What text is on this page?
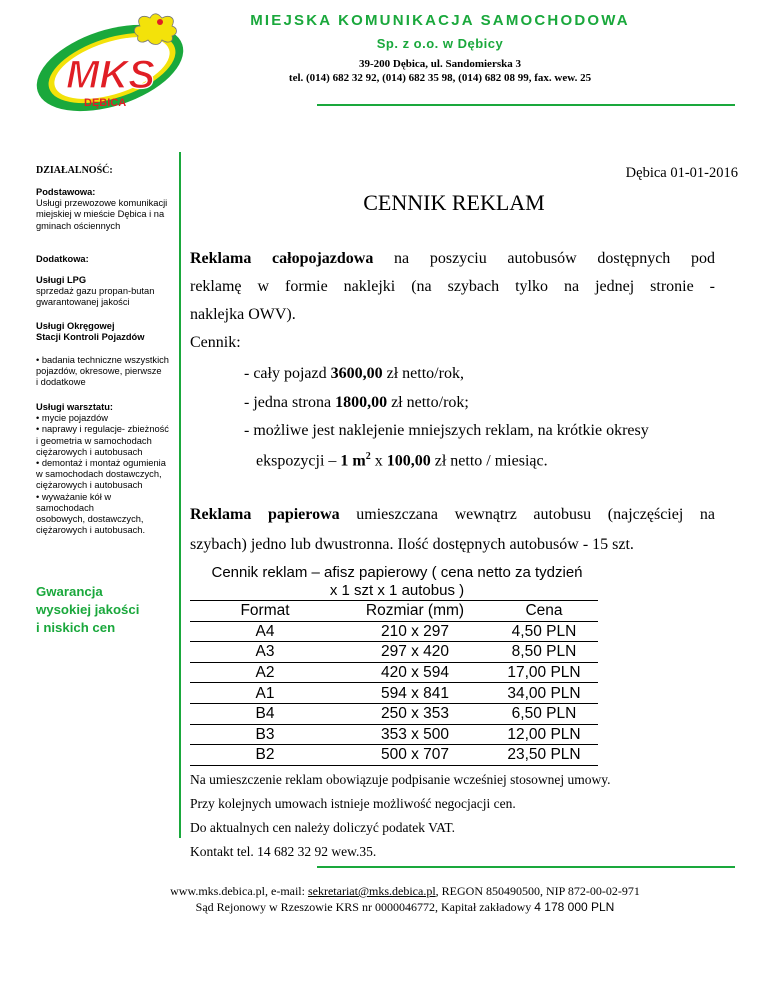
MKS
DĘBICA
MIEJSKA KOMUNIKACJA SAMOCHODOWA
Sp. z o.o. w Dębicy
39-200 Dębica, ul. Sandomierska 3
tel. (014) 682 32 92, (014) 682 35 98, (014) 682 08 99, fax. wew. 25
DZIAŁALNOŚĆ:
Podstawowa:
Usługi przewozowe komunikacji
miejskiej w mieście Dębica i na
gminach ościennych
Dodatkowa:
Usługi LPG
sprzedaż gazu propan-butan
gwarantowanej jakości
Usługi Okręgowej
Stacji Kontroli Pojazdów
• badania techniczne wszystkich
pojazdów, okresowe, pierwsze
i dodatkowe
Usługi warsztatu:
• mycie pojazdów
• naprawy i regulacje- zbieżność
i geometria w samochodach
ciężarowych i autobusach
• demontaż i montaż ogumienia
w samochodach dostawczych,
ciężarowych i autobusach
• wyważanie kół w
samochodach
osobowych, dostawczych,
ciężarowych i autobusach.
Gwarancja
wysokiej jakości
i niskich cen
Dębica 01-01-2016
CENNIK REKLAM
Reklama całopojazdowa na poszyciu autobusów dostępnych pod
reklamę w formie naklejki (na szybach tylko na jednej stronie -
naklejka OWV).
Cennik:
- cały pojazd 3600,00 zł netto/rok,
- jedna strona 1800,00 zł netto/rok;
- możliwe jest naklejenie mniejszych reklam, na krótkie okresy
ekspozycji – 1 $m^2$ x 100,00 zł netto / miesiąc.
Reklama papierowa umieszczana wewnątrz autobusu (najczęściej na
szybach) jedno lub dwustronna. Ilość dostępnych autobusów - 15 szt.
Cennik reklam – afisz papierowy ( cena netto za tydzień
x 1 szt x 1 autobus )
Format	Rozmiar (mm)	Cena
A4	210 x 297	4,50 PLN
A3	297 x 420	8,50 PLN
A2	420 x 594	17,00 PLN
A1	594 x 841	34,00 PLN
B4	250 x 353	6,50 PLN
B3	353 x 500	12,00 PLN
B2	500 x 707	23,50 PLN
Na umieszczenie reklam obowiązuje podpisanie wcześniej stosownej umowy.
Przy kolejnych umowach istnieje możliwość negocjacji cen.
Do aktualnych cen należy doliczyć podatek VAT.
Kontakt tel. 14 682 32 92 wew.35.
www.mks.debica.pl, e-mail: sekretariat@mks.debica.pl, REGON 850490500, NIP 872-00-02-971
Sąd Rejonowy w Rzeszowie KRS nr 0000046772, Kapitał zakładowy 4 178 000 PLN
